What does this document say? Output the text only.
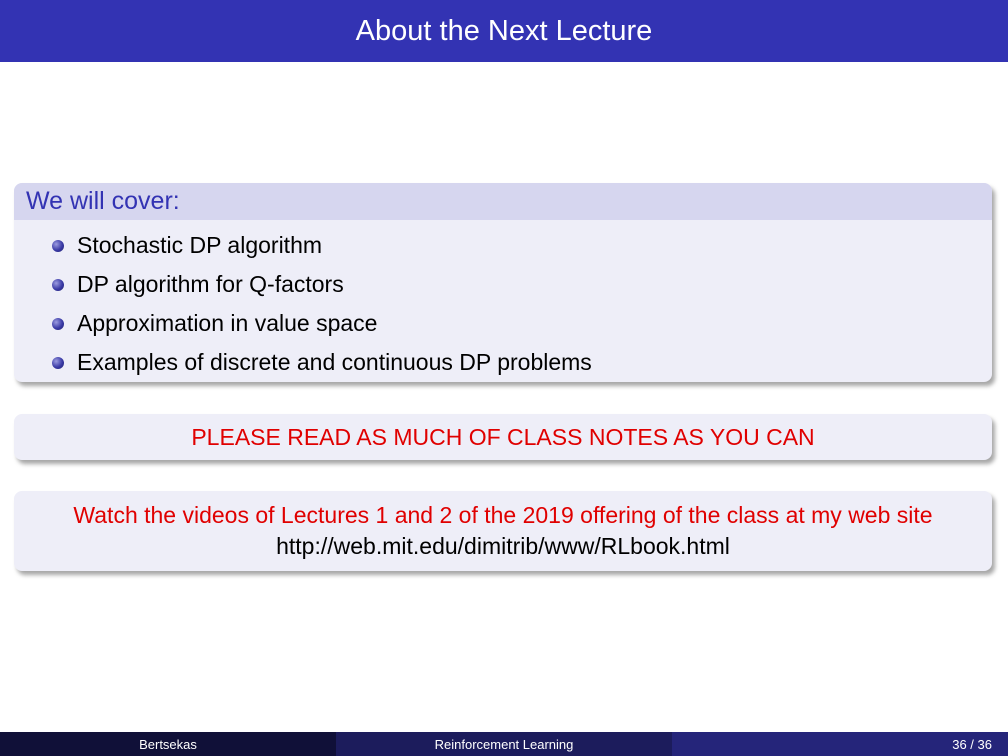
About the Next Lecture
We will cover:
Stochastic DP algorithm
DP algorithm for Q-factors
Approximation in value space
Examples of discrete and continuous DP problems
PLEASE READ AS MUCH OF CLASS NOTES AS YOU CAN
Watch the videos of Lectures 1 and 2 of the 2019 offering of the class at my web site
http://web.mit.edu/dimitrib/www/RLbook.html
Bertsekas	Reinforcement Learning	36 / 36
